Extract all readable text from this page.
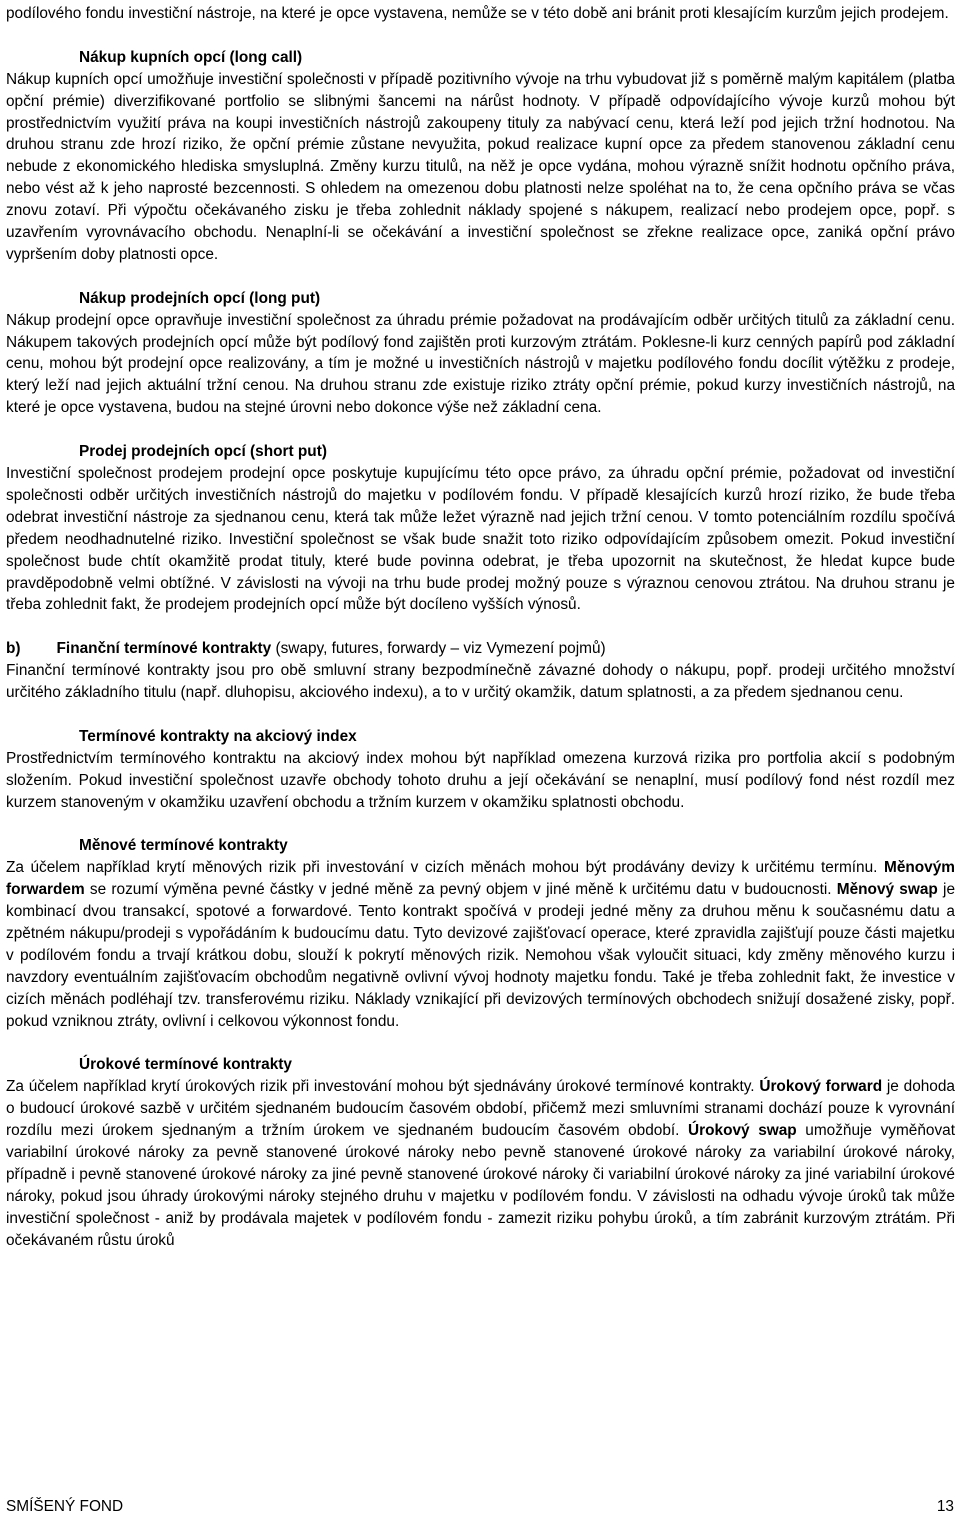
podílového fondu investiční nástroje, na které je opce vystavena, nemůže se v této době ani bránit proti klesajícím kurzům jejich prodejem.

Nákup kupních opcí (long call)

Nákup kupních opcí umožňuje investiční společnosti v případě pozitivního vývoje na trhu vybudovat již s poměrně malým kapitálem (platba opční prémie) diverzifikované portfolio se slibnými šancemi na nárůst hodnoty. V případě odpovídajícího vývoje kurzů mohou být prostřednictvím využití práva na koupi investičních nástrojů zakoupeny tituly za nabývací cenu, která leží pod jejich tržní hodnotou. Na druhou stranu zde hrozí riziko, že opční prémie zůstane nevyužita, pokud realizace kupní opce za předem stanovenou základní cenu nebude z ekonomického hlediska smysluplná. Změny kurzu titulů, na něž je opce vydána, mohou výrazně snížit hodnotu opčního práva, nebo vést až k jeho naprosté bezcennosti. S ohledem na omezenou dobu platnosti nelze spoléhat na to, že cena opčního práva se včas znovu zotaví. Při výpočtu očekávaného zisku je třeba zohlednit náklady spojené s nákupem, realizací nebo prodejem opce, popř. s uzavřením vyrovnávacího obchodu. Nenaplní-li se očekávání a investiční společnost se zřekne realizace opce, zaniká opční právo vypršením doby platnosti opce.

Nákup prodejních opcí (long put)

Nákup prodejní opce opravňuje investiční společnost za úhradu prémie požadovat na prodávajícím odběr určitých titulů za základní cenu. Nákupem takových prodejních opcí může být podílový fond zajištěn proti kurzovým ztrátám. Poklesne-li kurz cenných papírů pod základní cenu, mohou být prodejní opce realizovány, a tím je možné u investičních nástrojů v majetku podílového fondu docílit výtěžku z prodeje, který leží nad jejich aktuální tržní cenou. Na druhou stranu zde existuje riziko ztráty opční prémie, pokud kurzy investičních nástrojů, na které je opce vystavena, budou na stejné úrovni nebo dokonce výše než základní cena.

Prodej prodejních opcí (short put)

Investiční společnost prodejem prodejní opce poskytuje kupujícímu této opce právo, za úhradu opční prémie, požadovat od investiční společnosti odběr určitých investičních nástrojů do majetku v podílovém fondu. V případě klesajících kurzů hrozí riziko, že bude třeba odebrat investiční nástroje za sjednanou cenu, která tak může ležet výrazně nad jejich tržní cenou. V tomto potenciálním rozdílu spočívá předem neodhadnutelné riziko. Investiční společnost se však bude snažit toto riziko odpovídajícím způsobem omezit. Pokud investiční společnost bude chtít okamžitě prodat tituly, které bude povinna odebrat, je třeba upozornit na skutečnost, že hledat kupce bude pravděpodobně velmi obtížné. V závislosti na vývoji na trhu bude prodej možný pouze s výraznou cenovou ztrátou. Na druhou stranu je třeba zohlednit fakt, že prodejem prodejních opcí může být docíleno vyšších výnosů.

b) Finanční termínové kontrakty (swapy, futures, forwardy – viz Vymezení pojmů)

Finanční termínové kontrakty jsou pro obě smluvní strany bezpodmínečně závazné dohody o nákupu, popř. prodeji určitého množství určitého základního titulu (např. dluhopisu, akciového indexu), a to v určitý okamžik, datum splatnosti, a za předem sjednanou cenu.

Termínové kontrakty na akciový index

Prostřednictvím termínového kontraktu na akciový index mohou být například omezena kurzová rizika pro portfolia akcií s podobným složením. Pokud investiční společnost uzavře obchody tohoto druhu a její očekávání se nenaplní, musí podílový fond nést rozdíl mez kurzem stanoveným v okamžiku uzavření obchodu a tržním kurzem v okamžiku splatnosti obchodu.

Měnové termínové kontrakty

Za účelem například krytí měnových rizik při investování v cizích měnách mohou být prodávány devizy k určitému termínu. Měnovým forwardem se rozumí výměna pevné částky v jedné měně za pevný objem v jiné měně k určitému datu v budoucnosti. Měnový swap je kombinací dvou transakcí, spotové a forwardové. Tento kontrakt spočívá v prodeji jedné měny za druhou měnu k současnému datu a zpětném nákupu/prodeji s vypořádáním k budoucímu datu. Tyto devizové zajišťovací operace, které zpravidla zajišťují pouze části majetku v podílovém fondu a trvají krátkou dobu, slouží k pokrytí měnových rizik. Nemohou však vyloučit situaci, kdy změny měnového kurzu i navzdory eventuálním zajišťovacím obchodům negativně ovlivní vývoj hodnoty majetku fondu. Také je třeba zohlednit fakt, že investice v cizích měnách podléhají tzv. transferovému riziku. Náklady vznikající při devizových termínových obchodech snižují dosažené zisky, popř. pokud vzniknou ztráty, ovlivní i celkovou výkonnost fondu.

Úrokové termínové kontrakty

Za účelem například krytí úrokových rizik při investování mohou být sjednávány úrokové termínové kontrakty. Úrokový forward je dohoda o budoucí úrokové sazbě v určitém sjednaném budoucím časovém období, přičemž mezi smluvními stranami dochází pouze k vyrovnání rozdílu mezi úrokem sjednaným a tržním úrokem ve sjednaném budoucím časovém období. Úrokový swap umožňuje vyměňovat variabilní úrokové nároky za pevně stanovené úrokové nároky nebo pevně stanovené úrokové nároky za variabilní úrokové nároky, případně i pevně stanovené úrokové nároky za jiné pevně stanovené úrokové nároky či variabilní úrokové nároky za jiné variabilní úrokové nároky, pokud jsou úhrady úrokovými nároky stejného druhu v majetku v podílovém fondu. V závislosti na odhadu vývoje úroků tak může investiční společnost - aniž by prodávala majetek v podílovém fondu - zamezit riziku pohybu úroků, a tím zabránit kurzovým ztrátám. Při očekávaném růstu úroků

SMÍŠENÝ FOND	13
